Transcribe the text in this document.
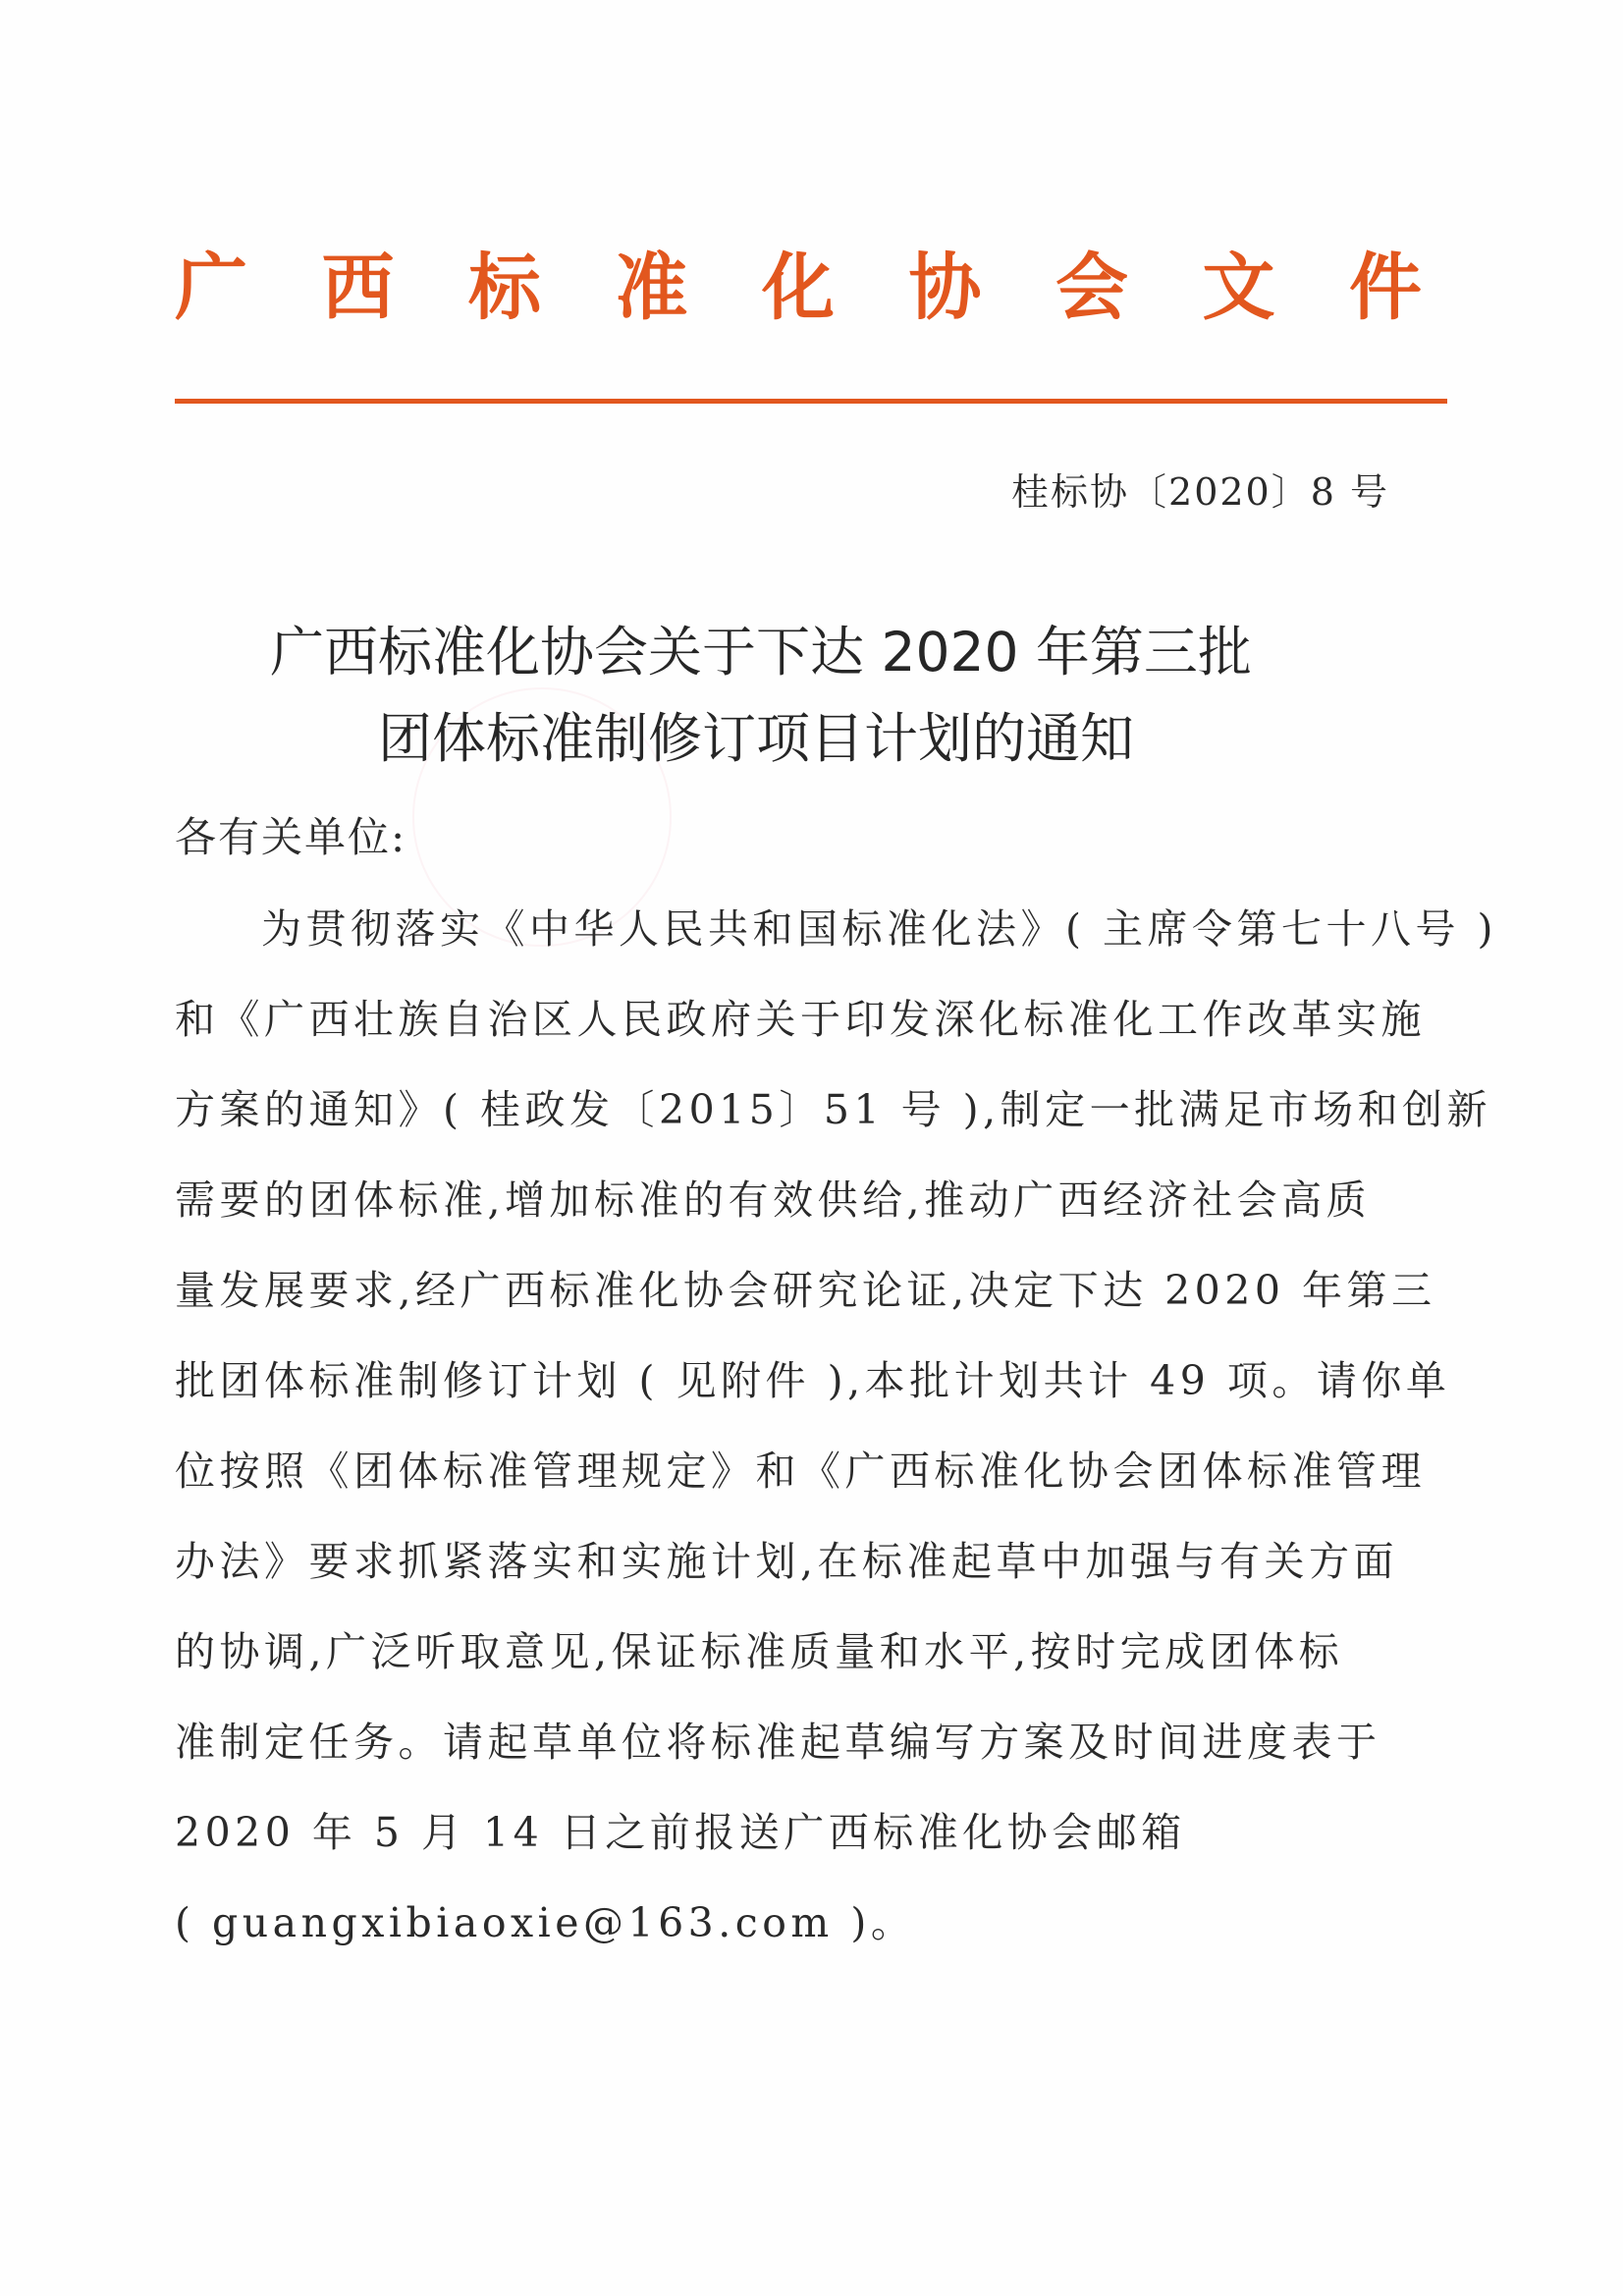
广 西 标 准 化 协 会 文 件
桂标协〔2020〕8 号
广西标准化协会关于下达 2020 年第三批
团体标准制修订项目计划的通知
各有关单位:
为贯彻落实《中华人民共和国标准化法》( 主席令第七十八号 )
和《广西壮族自治区人民政府关于印发深化标准化工作改革实施
方案的通知》( 桂政发〔2015〕51 号 ),制定一批满足市场和创新
需要的团体标准,增加标准的有效供给,推动广西经济社会高质
量发展要求,经广西标准化协会研究论证,决定下达 2020 年第三
批团体标准制修订计划 ( 见附件 ),本批计划共计 49 项。请你单
位按照《团体标准管理规定》和《广西标准化协会团体标准管理
办法》要求抓紧落实和实施计划,在标准起草中加强与有关方面
的协调,广泛听取意见,保证标准质量和水平,按时完成团体标
准制定任务。请起草单位将标准起草编写方案及时间进度表于
2020 年 5 月 14 日之前报送广西标准化协会邮箱
( guangxibiaoxie@163.com )。
